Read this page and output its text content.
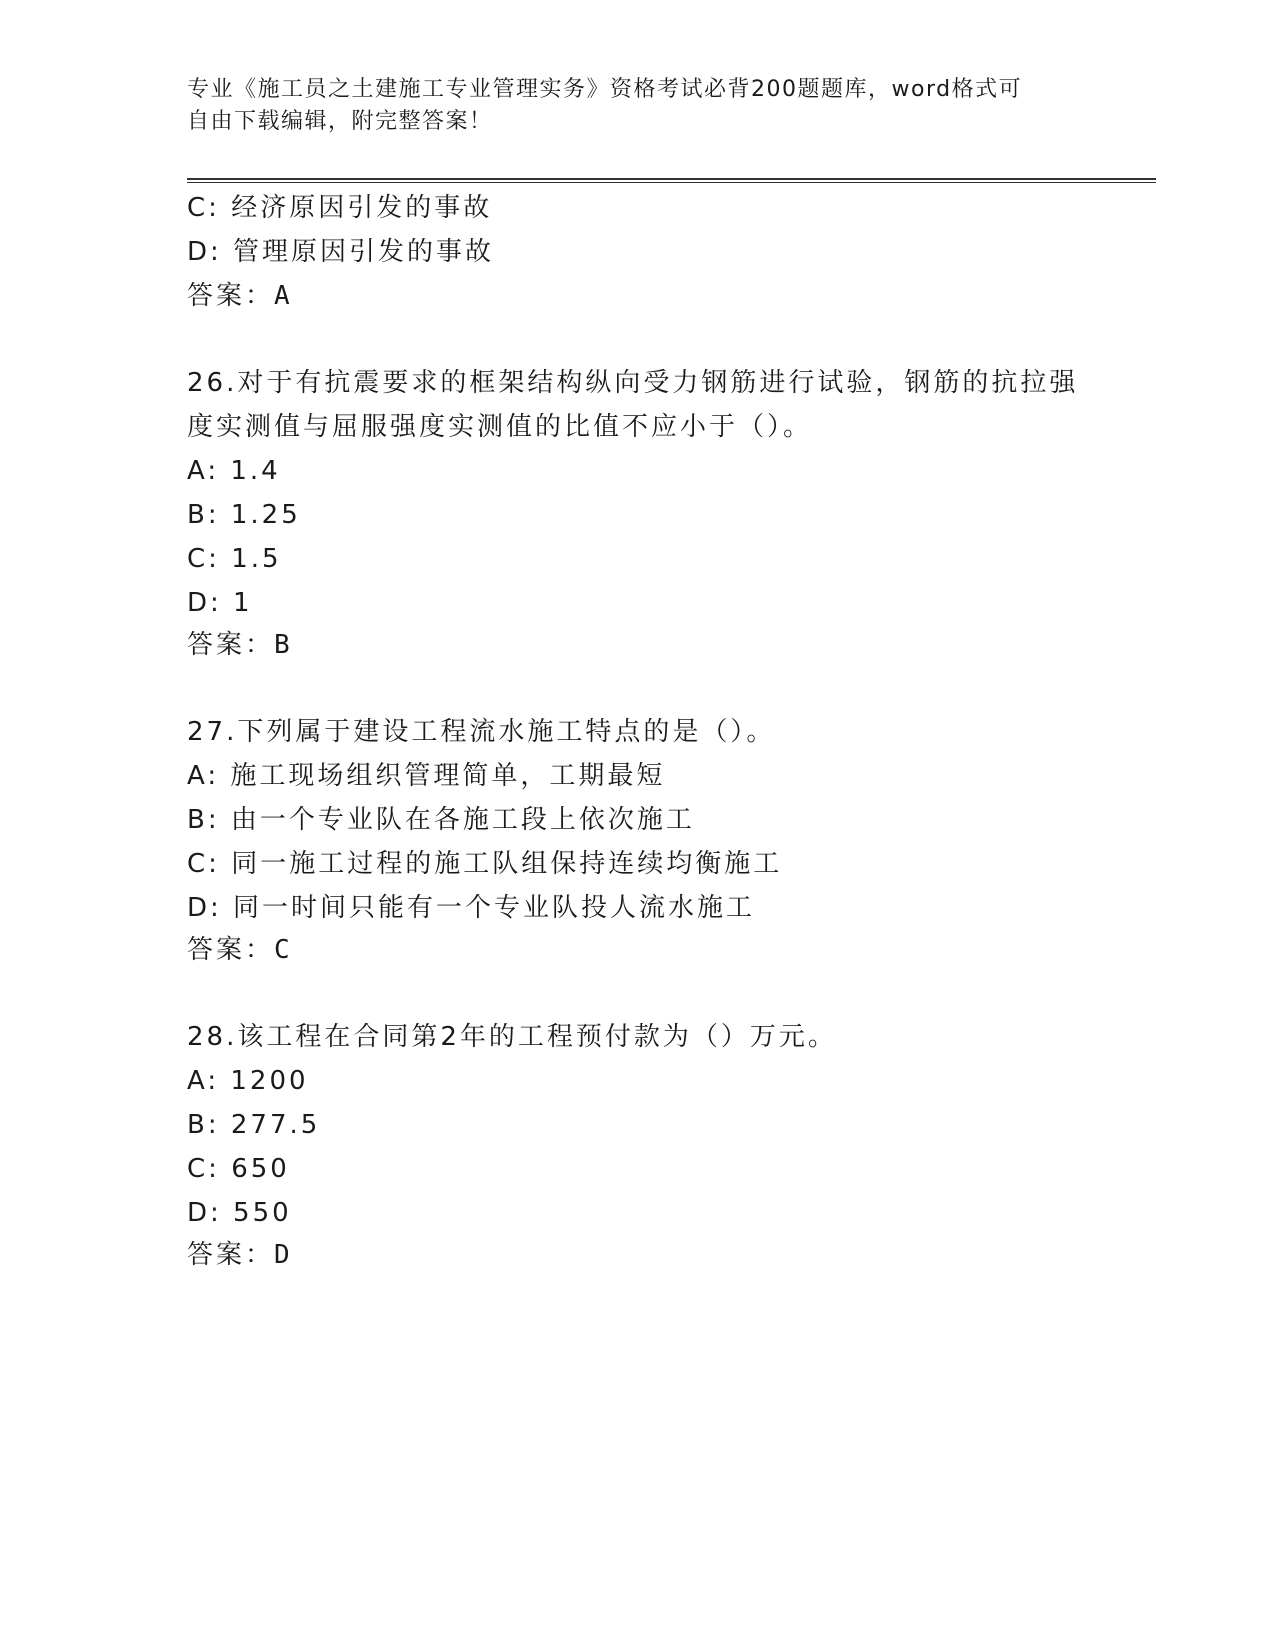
专业《施工员之土建施工专业管理实务》资格考试必背200题题库，word格式可
自由下载编辑，附完整答案！
C: 经济原因引发的事故
D: 管理原因引发的事故
答案：A
26.对于有抗震要求的框架结构纵向受力钢筋进行试验，钢筋的抗拉强
度实测值与屈服强度实测值的比值不应小于（）。
A: 1.4
B: 1.25
C: 1.5
D: 1
答案：B
27.下列属于建设工程流水施工特点的是（）。
A: 施工现场组织管理简单，工期最短
B: 由一个专业队在各施工段上依次施工
C: 同一施工过程的施工队组保持连续均衡施工
D: 同一时间只能有一个专业队投人流水施工
答案：C
28.该工程在合同第2年的工程预付款为（）万元。
A: 1200
B: 277.5
C: 650
D: 550
答案：D
